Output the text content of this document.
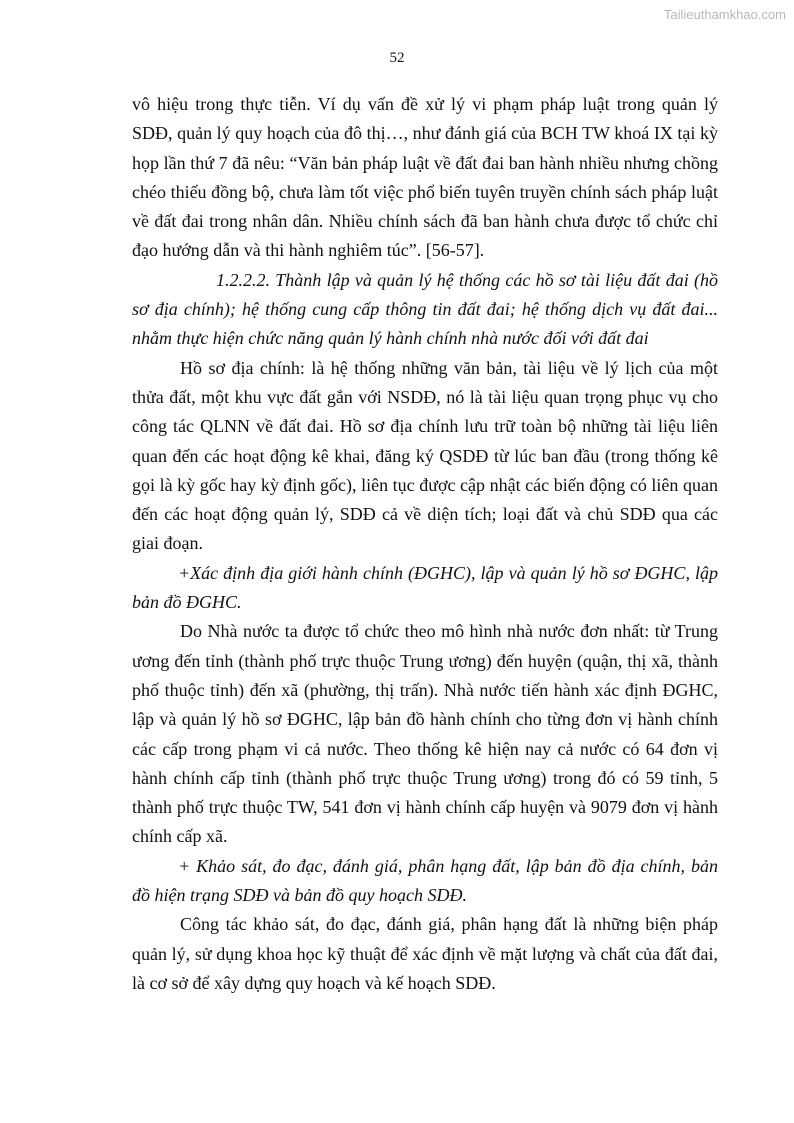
Tailieuthamkhao.com
52

vô hiệu trong thực tiễn. Ví dụ vấn đề xử lý vi phạm pháp luật trong quản lý SDĐ, quản lý quy hoạch của đô thị…, như đánh giá của BCH TW khoá IX tại kỳ họp lần thứ 7 đã nêu: “Văn bản pháp luật về đất đai ban hành nhiều nhưng chồng chéo thiếu đồng bộ, chưa làm tốt việc phổ biến tuyên truyền chính sách pháp luật về đất đai trong nhân dân. Nhiều chính sách đã ban hành chưa được tổ chức chỉ đạo hướng dẫn và thi hành nghiêm túc”. [56-57].

1.2.2.2. Thành lập và quản lý hệ thống các hồ sơ tài liệu đất đai (hồ sơ địa chính); hệ thống cung cấp thông tin đất đai; hệ thống dịch vụ đất đai... nhằm thực hiện chức năng quản lý hành chính nhà nước đối với đất đai

Hồ sơ địa chính: là hệ thống những văn bản, tài liệu về lý lịch của một thửa đất, một khu vực đất gắn với NSDĐ, nó là tài liệu quan trọng phục vụ cho công tác QLNN về đất đai. Hồ sơ địa chính lưu trữ toàn bộ những tài liệu liên quan đến các hoạt động kê khai, đăng ký QSDĐ từ lúc ban đầu (trong thống kê gọi là kỳ gốc hay kỳ định gốc), liên tục được cập nhật các biến động có liên quan đến các hoạt động quản lý, SDĐ cả về diện tích; loại đất và chủ SDĐ qua các giai đoạn.

+Xác định địa giới hành chính (ĐGHC), lập và quản lý hồ sơ ĐGHC, lập bản đồ ĐGHC.

Do Nhà nước ta được tổ chức theo mô hình nhà nước đơn nhất: từ Trung ương đến tỉnh (thành phố trực thuộc Trung ương) đến huyện (quận, thị xã, thành phố thuộc tỉnh) đến xã (phường, thị trấn). Nhà nước tiến hành xác định ĐGHC, lập và quản lý hồ sơ ĐGHC, lập bản đồ hành chính cho từng đơn vị hành chính các cấp trong phạm vi cả nước. Theo thống kê hiện nay cả nước có 64 đơn vị hành chính cấp tỉnh (thành phố trực thuộc Trung ương) trong đó có 59 tỉnh, 5 thành phố trực thuộc TW, 541 đơn vị hành chính cấp huyện và 9079 đơn vị hành chính cấp xã.

+ Khảo sát, đo đạc, đánh giá, phân hạng đất, lập bản đồ địa chính, bản đồ hiện trạng SDĐ và bản đồ quy hoạch SDĐ.

Công tác khảo sát, đo đạc, đánh giá, phân hạng đất là những biện pháp quản lý, sử dụng khoa học kỹ thuật để xác định về mặt lượng và chất của đất đai, là cơ sở để xây dựng quy hoạch và kế hoạch SDĐ.
